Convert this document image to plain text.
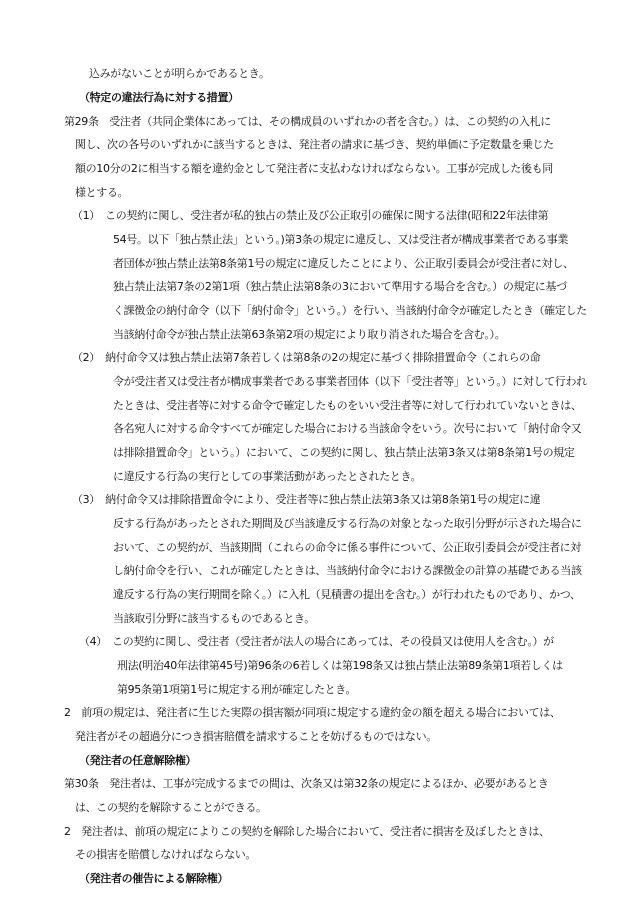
込みがないことが明らかであるとき。
（特定の違法行為に対する措置）
第29条　受注者（共同企業体にあっては、その構成員のいずれかの者を含む。）は、この契約の入札に
関し、次の各号のいずれかに該当するときは、発注者の請求に基づき、契約単価に予定数量を乗じた
額の10分の2に相当する額を違約金として発注者に支払わなければならない。工事が完成した後も同
様とする。
（1）　この契約に関し、受注者が私的独占の禁止及び公正取引の確保に関する法律(昭和22年法律第
54号。以下「独占禁止法」という。)第3条の規定に違反し、又は受注者が構成事業者である事業
者団体が独占禁止法第8条第1号の規定に違反したことにより、公正取引委員会が受注者に対し、
独占禁止法第7条の2第1項（独占禁止法第8条の3において準用する場合を含む。）の規定に基づ
く課徴金の納付命令（以下「納付命令」という。）を行い、当該納付命令が確定したとき（確定した
当該納付命令が独占禁止法第63条第2項の規定により取り消された場合を含む。）。
（2）　納付命令又は独占禁止法第7条若しくは第8条の2の規定に基づく排除措置命令（これらの命
令が受注者又は受注者が構成事業者である事業者団体（以下「受注者等」という。）に対して行われ
たときは、受注者等に対する命令で確定したものをいい受注者等に対して行われていないときは、
各名宛人に対する命令すべてが確定した場合における当該命令をいう。次号において「納付命令又
は排除措置命令」という。）において、この契約に関し、独占禁止法第3条又は第8条第1号の規定
に違反する行為の実行としての事業活動があったとされたとき。
（3）　納付命令又は排除措置命令により、受注者等に独占禁止法第3条又は第8条第1号の規定に違
反する行為があったとされた期間及び当該違反する行為の対象となった取引分野が示された場合に
おいて、この契約が、当該期間（これらの命令に係る事件について、公正取引委員会が受注者に対
し納付命令を行い、これが確定したときは、当該納付命令における課徴金の計算の基礎である当該
違反する行為の実行期間を除く。）に入札（見積書の提出を含む。）が行われたものであり、かつ、
当該取引分野に該当するものであるとき。
（4）　この契約に関し、受注者（受注者が法人の場合にあっては、その役員又は使用人を含む。）が
刑法(明治40年法律第45号)第96条の6若しくは第198条又は独占禁止法第89条第1項若しくは
第95条第1項第1号に規定する刑が確定したとき。
2　前項の規定は、発注者に生じた実際の損害額が同項に規定する違約金の額を超える場合においては、
発注者がその超過分につき損害賠償を請求することを妨げるものではない。
（発注者の任意解除権）
第30条　発注者は、工事が完成するまでの間は、次条又は第32条の規定によるほか、必要があるとき
は、この契約を解除することができる。
2　発注者は、前項の規定によりこの契約を解除した場合において、受注者に損害を及ぼしたときは、
その損害を賠償しなければならない。
（発注者の催告による解除権）
